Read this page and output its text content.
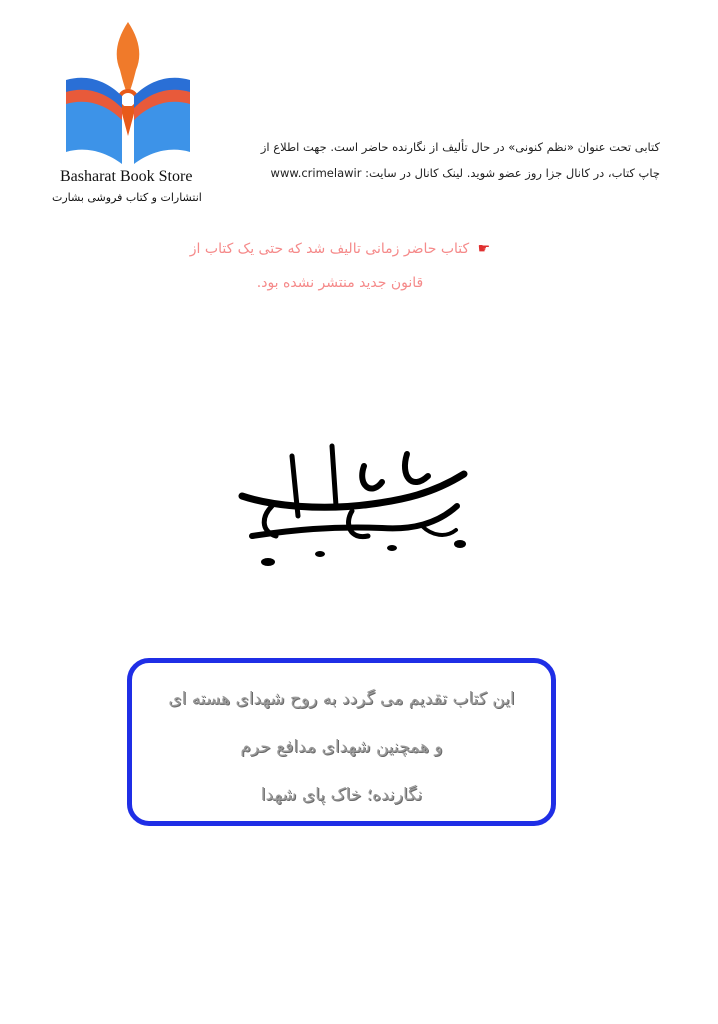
Basharat Book Store
انتشارات و کتاب فروشی بشارت
کتابی تحت عنوان «نظم کنونی» در حال تألیف از نگارنده حاضر است. جهت اطلاع از
چاپ کتاب، در کانال جزا روز عضو شوید. لینک کانال در سایت: www.crimelawir
☛ کتاب حاضر زمانی تالیف شد که حتی یک کتاب از
قانون جدید منتشر نشده بود.
این کتاب تقدیم می گردد به روح شهدای هسته ای
و همچنین شهدای مدافع حرم
نگارنده؛ خاک پای شهدا
